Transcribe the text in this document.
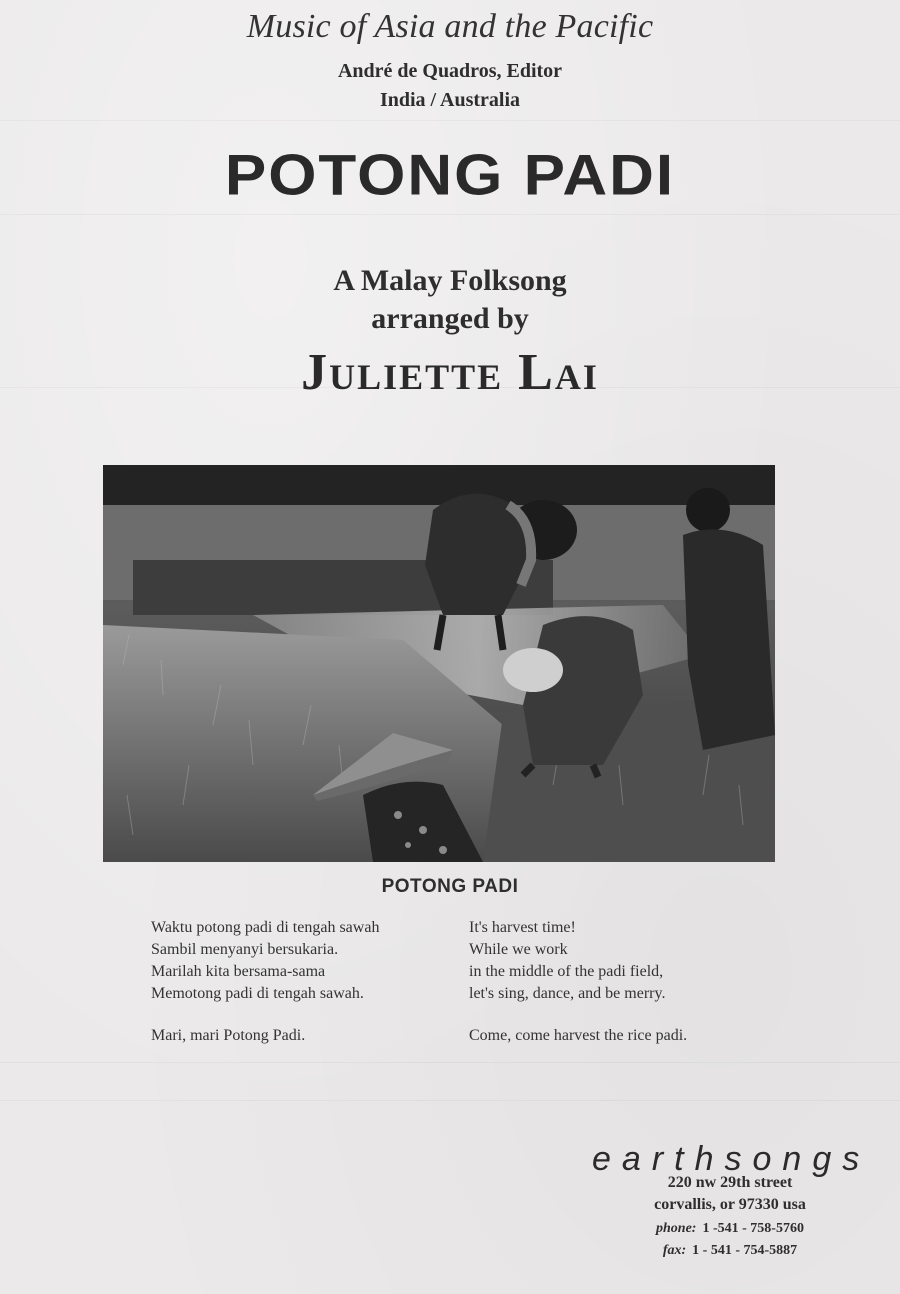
Music of Asia and the Pacific
André de Quadros, Editor
India / Australia
POTONG PADI
A Malay Folksong
arranged by
Juliette Lai
POTONG PADI
Waktu potong padi di tengah sawah
Sambil menyanyi bersukaria.
Marilah kita bersama-sama
Memotong padi di tengah sawah.
Mari, mari Potong Padi.
It's harvest time!
While we work
in the middle of the padi field,
let's sing, dance, and be merry.
Come, come harvest the rice padi.
earthsongs
220 nw 29th street
corvallis, or 97330 usa
phone: 1 -541 - 758-5760
fax: 1 - 541 - 754-5887
